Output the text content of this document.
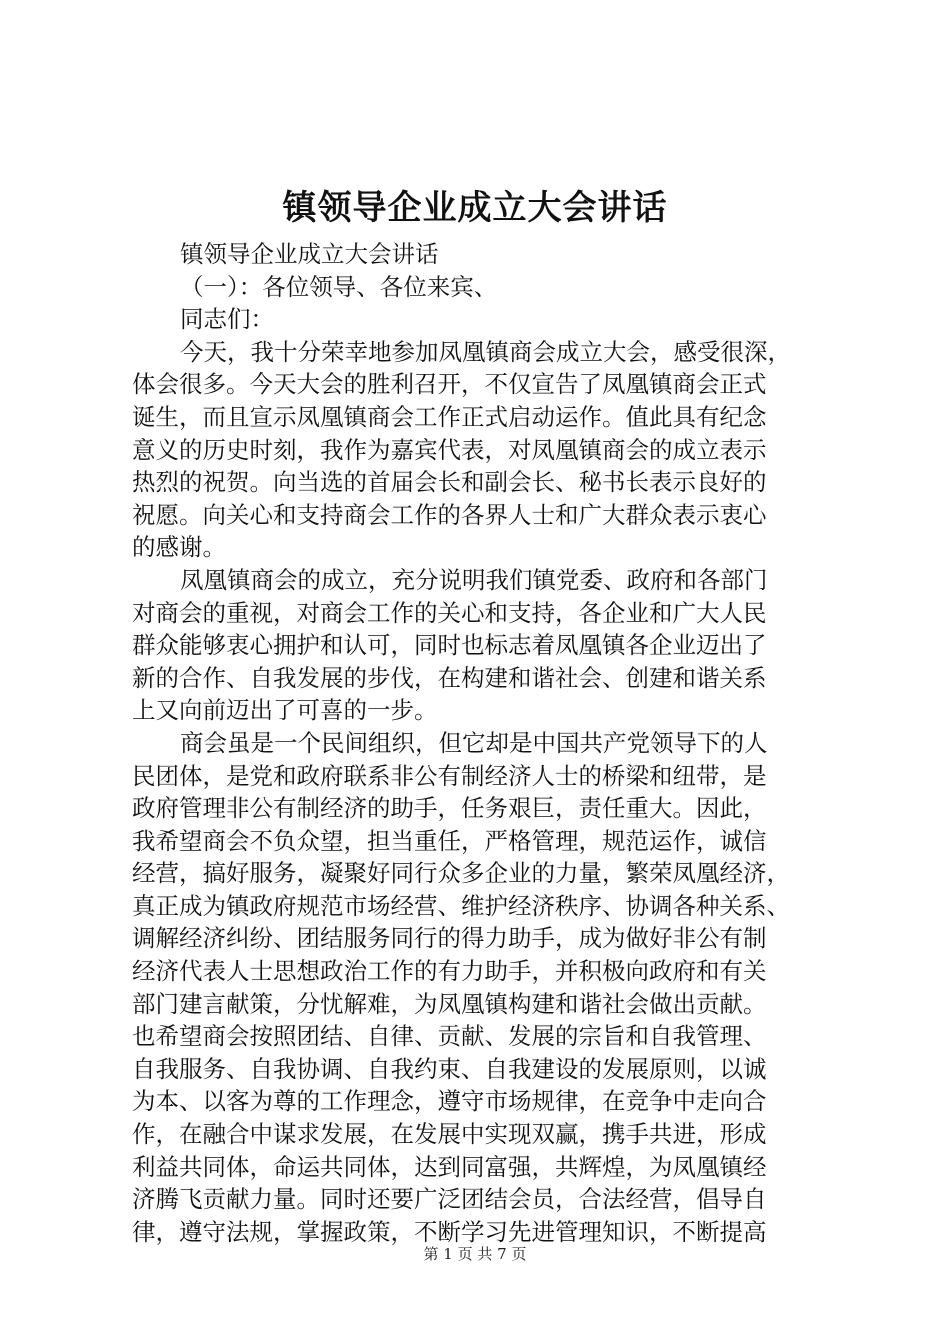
镇领导企业成立大会讲话
镇领导企业成立大会讲话
（一）：各位领导、各位来宾、
同志们：
今天，我十分荣幸地参加凤凰镇商会成立大会，感受很深，
体会很多。今天大会的胜利召开，不仅宣告了凤凰镇商会正式
诞生，而且宣示凤凰镇商会工作正式启动运作。值此具有纪念
意义的历史时刻，我作为嘉宾代表，对凤凰镇商会的成立表示
热烈的祝贺。向当选的首届会长和副会长、秘书长表示良好的
祝愿。向关心和支持商会工作的各界人士和广大群众表示衷心
的感谢。
凤凰镇商会的成立，充分说明我们镇党委、政府和各部门
对商会的重视，对商会工作的关心和支持，各企业和广大人民
群众能够衷心拥护和认可，同时也标志着凤凰镇各企业迈出了
新的合作、自我发展的步伐，在构建和谐社会、创建和谐关系
上又向前迈出了可喜的一步。
商会虽是一个民间组织，但它却是中国共产党领导下的人
民团体，是党和政府联系非公有制经济人士的桥梁和纽带，是
政府管理非公有制经济的助手，任务艰巨，责任重大。因此，
我希望商会不负众望，担当重任，严格管理，规范运作，诚信
经营，搞好服务，凝聚好同行众多企业的力量，繁荣凤凰经济，
真正成为镇政府规范市场经营、维护经济秩序、协调各种关系、
调解经济纠纷、团结服务同行的得力助手，成为做好非公有制
经济代表人士思想政治工作的有力助手，并积极向政府和有关
部门建言献策，分忧解难，为凤凰镇构建和谐社会做出贡献。
也希望商会按照团结、自律、贡献、发展的宗旨和自我管理、
自我服务、自我协调、自我约束、自我建设的发展原则，以诚
为本、以客为尊的工作理念，遵守市场规律，在竞争中走向合
作，在融合中谋求发展，在发展中实现双赢，携手共进，形成
利益共同体，命运共同体，达到同富强，共辉煌，为凤凰镇经
济腾飞贡献力量。同时还要广泛团结会员，合法经营，倡导自
律，遵守法规，掌握政策，不断学习先进管理知识，不断提高
第 1 页 共 7 页
